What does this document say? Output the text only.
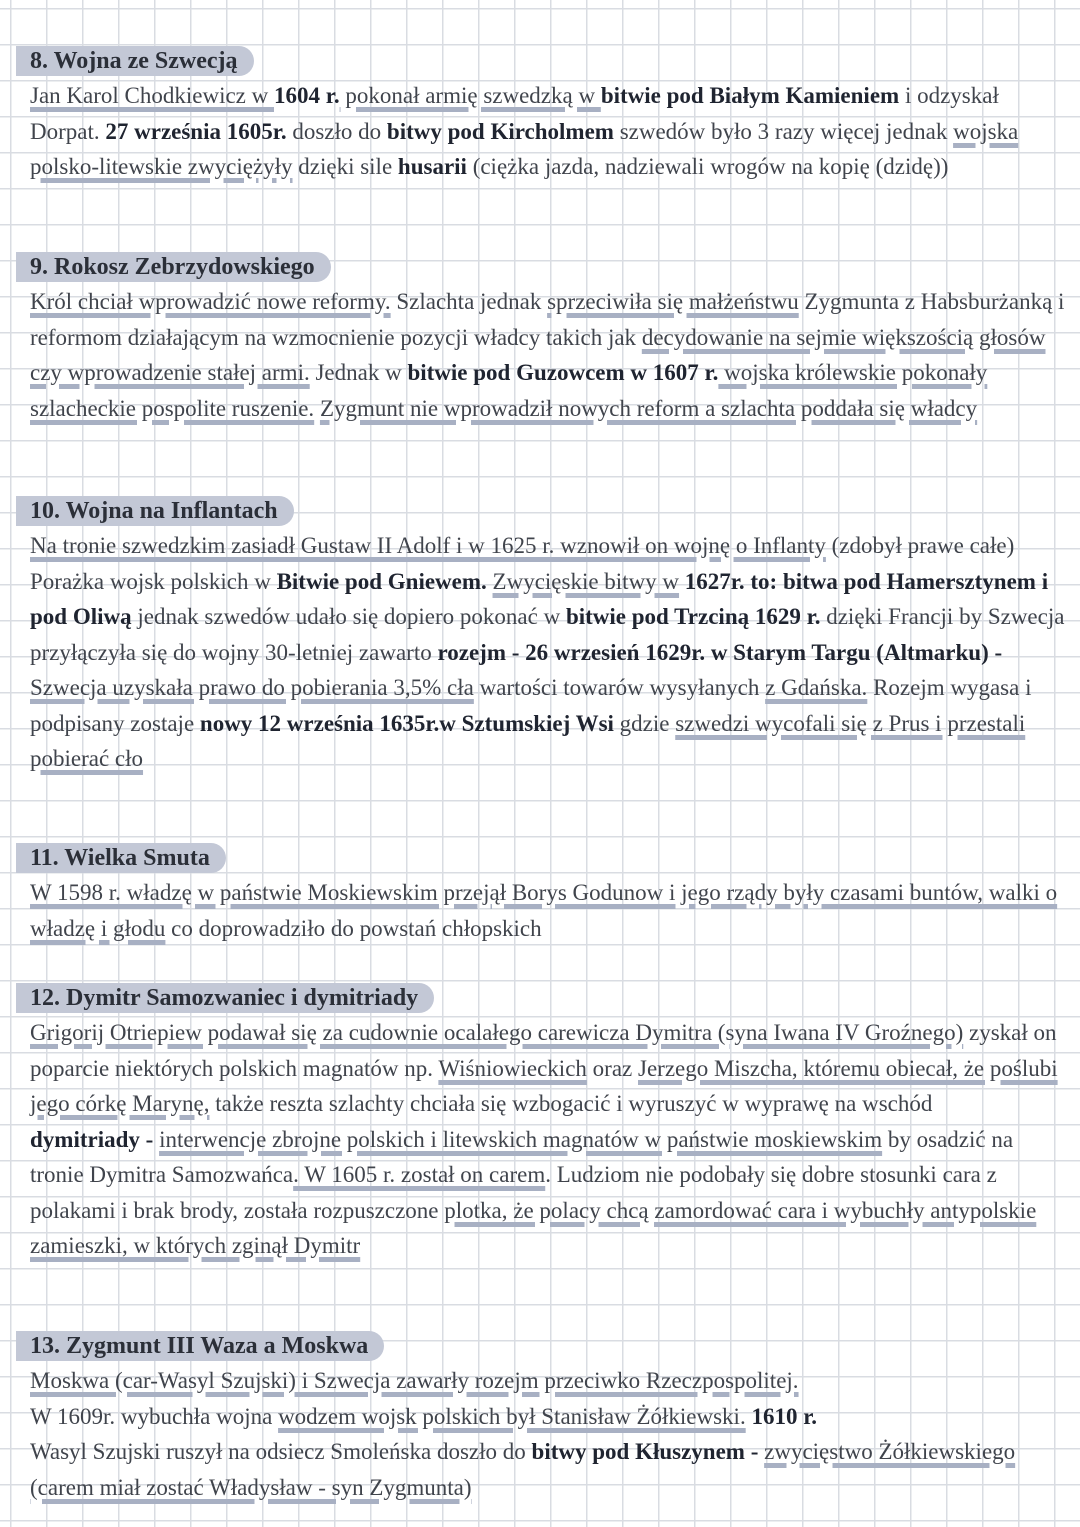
8. Wojna ze Szwecją

Jan Karol Chodkiewicz w 1604 r. pokonał armię szwedzką w bitwie pod Białym Kamieniem i odzyskał Dorpat. 27 września 1605r. doszło do bitwy pod Kircholmem szwedów było 3 razy więcej jednak wojska polsko-litewskie zwyciężyły dzięki sile husarii (ciężka jazda, nadziewali wrogów na kopię (dzidę))

9. Rokosz Zebrzydowskiego

Król chciał wprowadzić nowe reformy. Szlachta jednak sprzeciwiła się małżeństwu Zygmunta z Habsburżanką i reformom działającym na wzmocnienie pozycji władcy takich jak decydowanie na sejmie większością głosów czy wprowadzenie stałej armi. Jednak w bitwie pod Guzowcem w 1607 r. wojska królewskie pokonały szlacheckie pospolite ruszenie. Zygmunt nie wprowadził nowych reform a szlachta poddała się władcy

10. Wojna na Inflantach

Na tronie szwedzkim zasiadł Gustaw II Adolf i w 1625 r. wznowił on wojnę o Inflanty (zdobył prawe całe) Porażka wojsk polskich w Bitwie pod Gniewem. Zwycięskie bitwy w 1627r. to: bitwa pod Hamersztynem i pod Oliwą jednak szwedów udało się dopiero pokonać w bitwie pod Trzciną 1629 r. dzięki Francji by Szwecja przyłączyła się do wojny 30-letniej zawarto rozejm - 26 wrzesień 1629r. w Starym Targu (Altmarku) - Szwecja uzyskała prawo do pobierania 3,5% cła wartości towarów wysyłanych z Gdańska. Rozejm wygasa i podpisany zostaje nowy 12 września 1635r.w Sztumskiej Wsi gdzie szwedzi wycofali się z Prus i przestali pobierać cło

11. Wielka Smuta

W 1598 r. władzę w państwie Moskiewskim przejął Borys Godunow i jego rządy były czasami buntów, walki o władzę i głodu co doprowadziło do powstań chłopskich

12. Dymitr Samozwaniec i dymitriady

Grigorij Otriepiew podawał się za cudownie ocalałego carewicza Dymitra (syna Iwana IV Groźnego) zyskał on poparcie niektórych polskich magnatów np. Wiśniowieckich oraz Jerzego Miszcha, któremu obiecał, że poślubi jego córkę Marynę, także reszta szlachty chciała się wzbogacić i wyruszyć w wyprawę na wschód

dymitriady - interwencje zbrojne polskich i litewskich magnatów w państwie moskiewskim by osadzić na tronie Dymitra Samozwańca. W 1605 r. został on carem. Ludziom nie podobały się dobre stosunki cara z polakami i brak brody, została rozpuszczone plotka, że polacy chcą zamordować cara i wybuchły antypolskie zamieszki, w których zginął Dymitr

13. Zygmunt III Waza a Moskwa

Moskwa (car-Wasyl Szujski) i Szwecja zawarły rozejm przeciwko Rzeczpospolitej.

W 1609r. wybuchła wojna wodzem wojsk polskich był Stanisław Żółkiewski. 1610 r.

Wasyl Szujski ruszył na odsiecz Smoleńska doszło do bitwy pod Kłuszynem - zwycięstwo Żółkiewskiego (carem miał zostać Władysław - syn Zygmunta)
